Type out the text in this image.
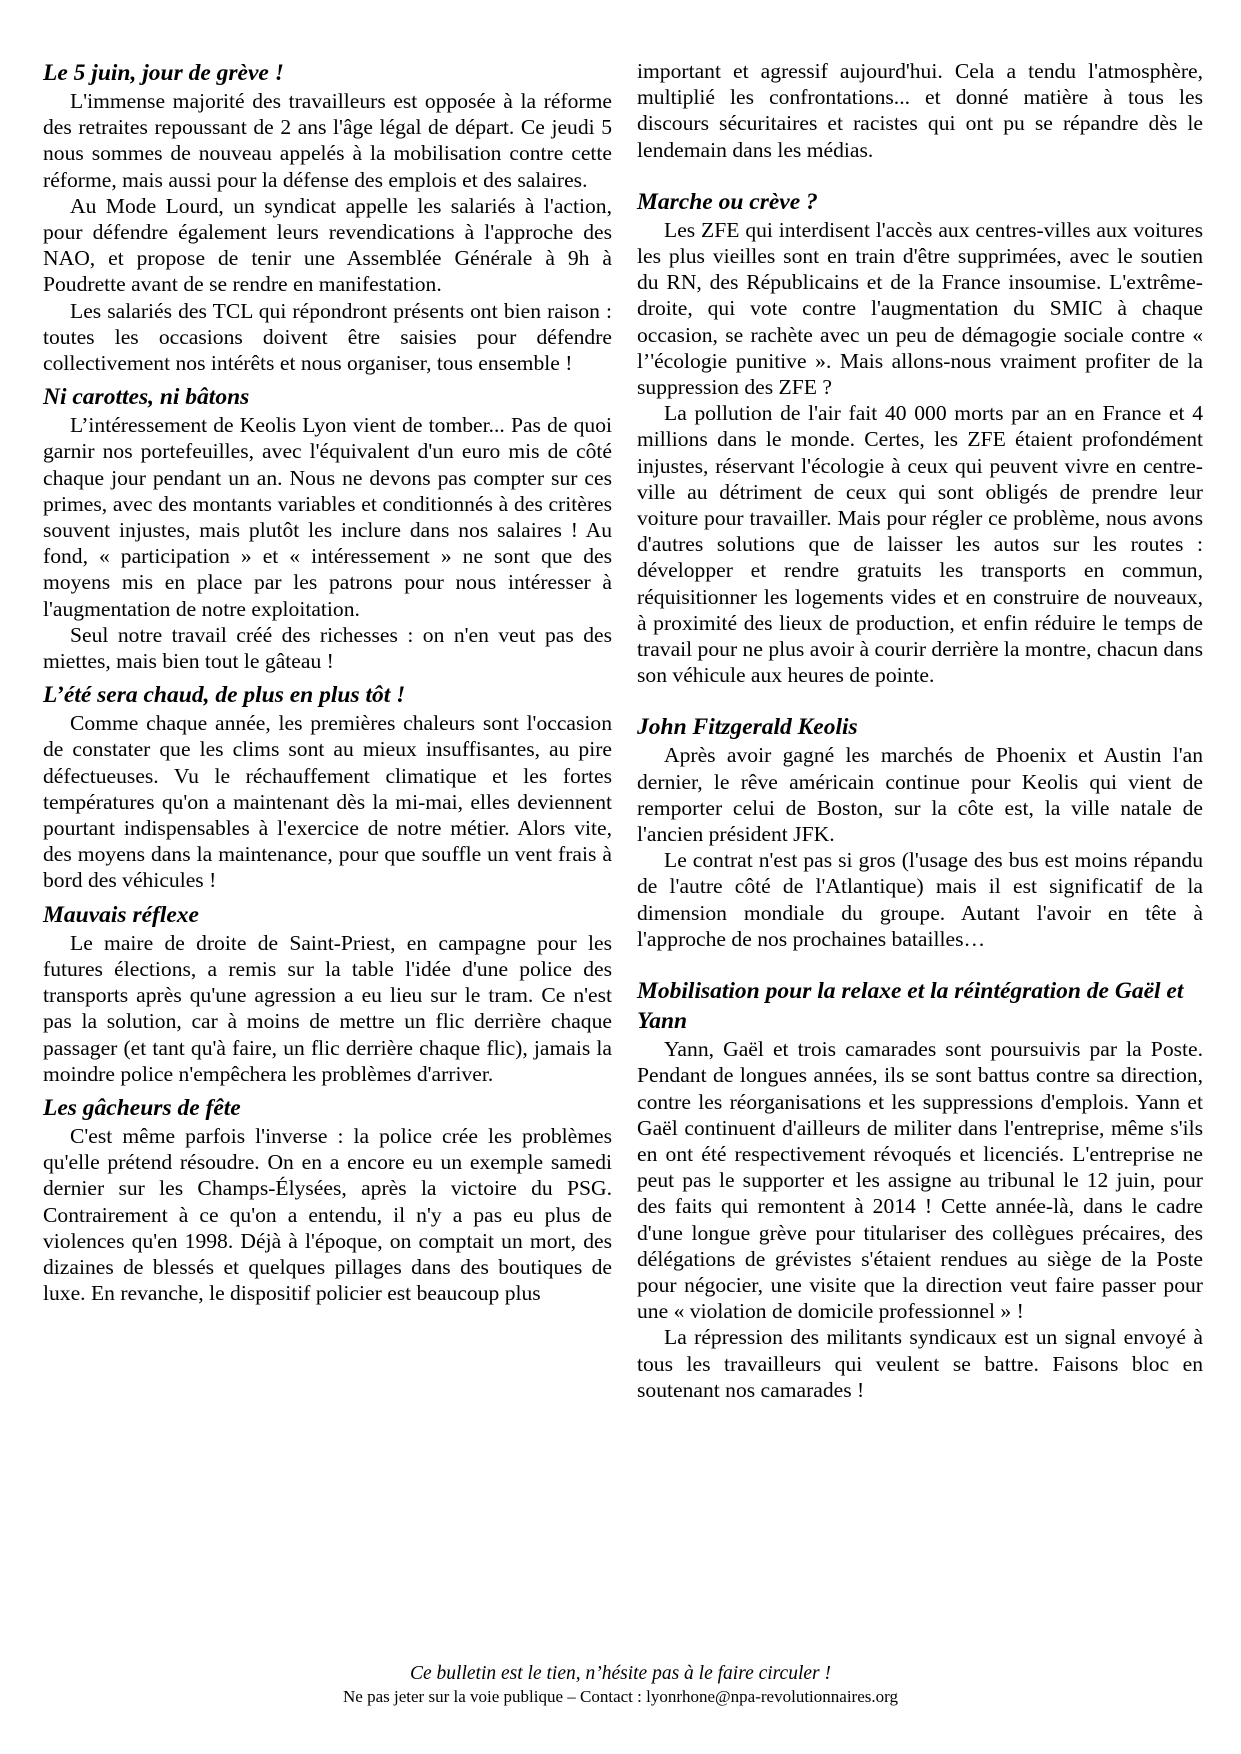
Le 5 juin, jour de grève !

L'immense majorité des travailleurs est opposée à la réforme des retraites repoussant de 2 ans l'âge légal de départ. Ce jeudi 5 nous sommes de nouveau appelés à la mobilisation contre cette réforme, mais aussi pour la défense des emplois et des salaires.

Au Mode Lourd, un syndicat appelle les salariés à l'action, pour défendre également leurs revendications à l'approche des NAO, et propose de tenir une Assemblée Générale à 9h à Poudrette avant de se rendre en manifestation.

Les salariés des TCL qui répondront présents ont bien raison : toutes les occasions doivent être saisies pour défendre collectivement nos intérêts et nous organiser, tous ensemble !

Ni carottes, ni bâtons

L’intéressement de Keolis Lyon vient de tomber... Pas de quoi garnir nos portefeuilles, avec l'équivalent d'un euro mis de côté chaque jour pendant un an. Nous ne devons pas compter sur ces primes, avec des montants variables et conditionnés à des critères souvent injustes, mais plutôt les inclure dans nos salaires ! Au fond, « participation » et « intéressement » ne sont que des moyens mis en place par les patrons pour nous intéresser à l'augmentation de notre exploitation.

Seul notre travail créé des richesses : on n'en veut pas des miettes, mais bien tout le gâteau !

L’été sera chaud, de plus en plus tôt !

Comme chaque année, les premières chaleurs sont l'occasion de constater que les clims sont au mieux insuffisantes, au pire défectueuses. Vu le réchauffement climatique et les fortes températures qu'on a maintenant dès la mi-mai, elles deviennent pourtant indispensables à l'exercice de notre métier. Alors vite, des moyens dans la maintenance, pour que souffle un vent frais à bord des véhicules !

Mauvais réflexe

Le maire de droite de Saint-Priest, en campagne pour les futures élections, a remis sur la table l'idée d'une police des transports après qu'une agression a eu lieu sur le tram. Ce n'est pas la solution, car à moins de mettre un flic derrière chaque passager (et tant qu'à faire, un flic derrière chaque flic), jamais la moindre police n'empêchera les problèmes d'arriver.

Les gâcheurs de fête

C'est même parfois l'inverse : la police crée les problèmes qu'elle prétend résoudre. On en a encore eu un exemple samedi dernier sur les Champs-Élysées, après la victoire du PSG. Contrairement à ce qu'on a entendu, il n'y a pas eu plus de violences qu'en 1998. Déjà à l'époque, on comptait un mort, des dizaines de blessés et quelques pillages dans des boutiques de luxe. En revanche, le dispositif policier est beaucoup plus

important et agressif aujourd'hui. Cela a tendu l'atmosphère, multiplié les confrontations... et donné matière à tous les discours sécuritaires et racistes qui ont pu se répandre dès le lendemain dans les médias.

Marche ou crève ?

Les ZFE qui interdisent l'accès aux centres-villes aux voitures les plus vieilles sont en train d'être supprimées, avec le soutien du RN, des Républicains et de la France insoumise. L'extrême-droite, qui vote contre l'augmentation du SMIC à chaque occasion, se rachète avec un peu de démagogie sociale contre « l’'écologie punitive ». Mais allons-nous vraiment profiter de la suppression des ZFE ?

La pollution de l'air fait 40 000 morts par an en France et 4 millions dans le monde. Certes, les ZFE étaient profondément injustes, réservant l'écologie à ceux qui peuvent vivre en centre-ville au détriment de ceux qui sont obligés de prendre leur voiture pour travailler. Mais pour régler ce problème, nous avons d'autres solutions que de laisser les autos sur les routes : développer et rendre gratuits les transports en commun, réquisitionner les logements vides et en construire de nouveaux, à proximité des lieux de production, et enfin réduire le temps de travail pour ne plus avoir à courir derrière la montre, chacun dans son véhicule aux heures de pointe.

John Fitzgerald Keolis

Après avoir gagné les marchés de Phoenix et Austin l'an dernier, le rêve américain continue pour Keolis qui vient de remporter celui de Boston, sur la côte est, la ville natale de l'ancien président JFK.

Le contrat n'est pas si gros (l'usage des bus est moins répandu de l'autre côté de l'Atlantique) mais il est significatif de la dimension mondiale du groupe. Autant l'avoir en tête à l'approche de nos prochaines batailles…

Mobilisation pour la relaxe et la réintégration de Gaël et Yann

Yann, Gaël et trois camarades sont poursuivis par la Poste. Pendant de longues années, ils se sont battus contre sa direction, contre les réorganisations et les suppressions d'emplois. Yann et Gaël continuent d'ailleurs de militer dans l'entreprise, même s'ils en ont été respectivement révoqués et licenciés. L'entreprise ne peut pas le supporter et les assigne au tribunal le 12 juin, pour des faits qui remontent à 2014 ! Cette année-là, dans le cadre d'une longue grève pour titulariser des collègues précaires, des délégations de grévistes s'étaient rendues au siège de la Poste pour négocier, une visite que la direction veut faire passer pour une « violation de domicile professionnel » !

La répression des militants syndicaux est un signal envoyé à tous les travailleurs qui veulent se battre. Faisons bloc en soutenant nos camarades !

Ce bulletin est le tien, n’hésite pas à le faire circuler !
Ne pas jeter sur la voie publique – Contact : lyonrhone@npa-revolutionnaires.org
